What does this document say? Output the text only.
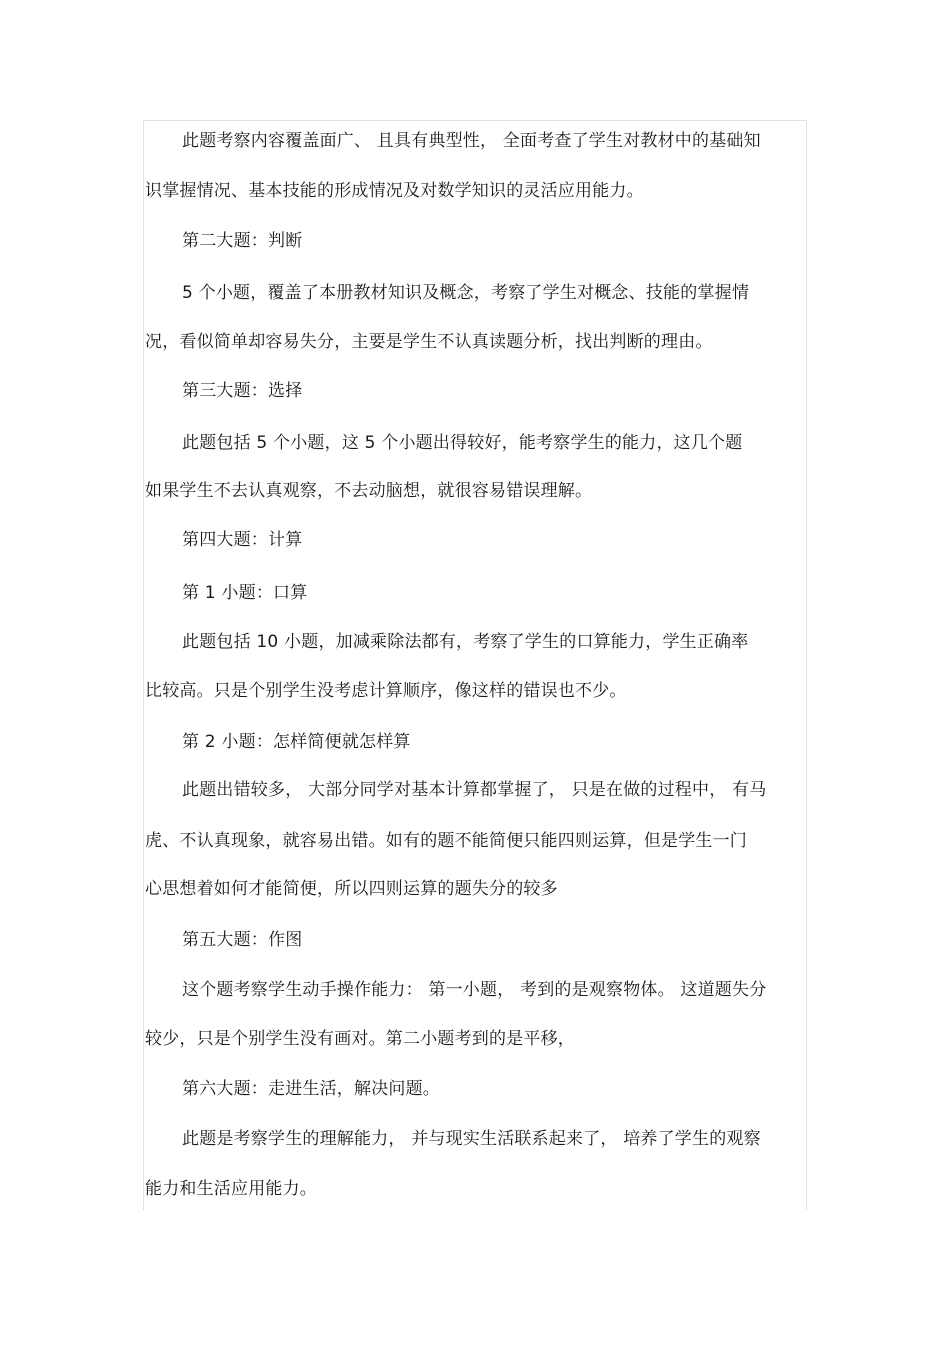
此题考察内容覆盖面广、 且具有典型性， 全面考查了学生对教材中的基础知
识掌握情况、基本技能的形成情况及对数学知识的灵活应用能力。
第二大题：判断
5 个小题，覆盖了本册教材知识及概念，考察了学生对概念、技能的掌握情
况，看似简单却容易失分，主要是学生不认真读题分析，找出判断的理由。
第三大题：选择
此题包括 5 个小题，这 5 个小题出得较好，能考察学生的能力，这几个题
如果学生不去认真观察，不去动脑想，就很容易错误理解。
第四大题：计算
第 1 小题：口算
此题包括 10 小题，加减乘除法都有，考察了学生的口算能力，学生正确率
比较高。只是个别学生没考虑计算顺序，像这样的错误也不少。
第 2 小题：怎样简便就怎样算
此题出错较多， 大部分同学对基本计算都掌握了， 只是在做的过程中， 有马
虎、不认真现象，就容易出错。如有的题不能简便只能四则运算，但是学生一门
心思想着如何才能简便，所以四则运算的题失分的较多
第五大题：作图
这个题考察学生动手操作能力： 第一小题， 考到的是观察物体。 这道题失分
较少，只是个别学生没有画对。第二小题考到的是平移，
第六大题：走进生活，解决问题。
此题是考察学生的理解能力， 并与现实生活联系起来了， 培养了学生的观察
能力和生活应用能力。
